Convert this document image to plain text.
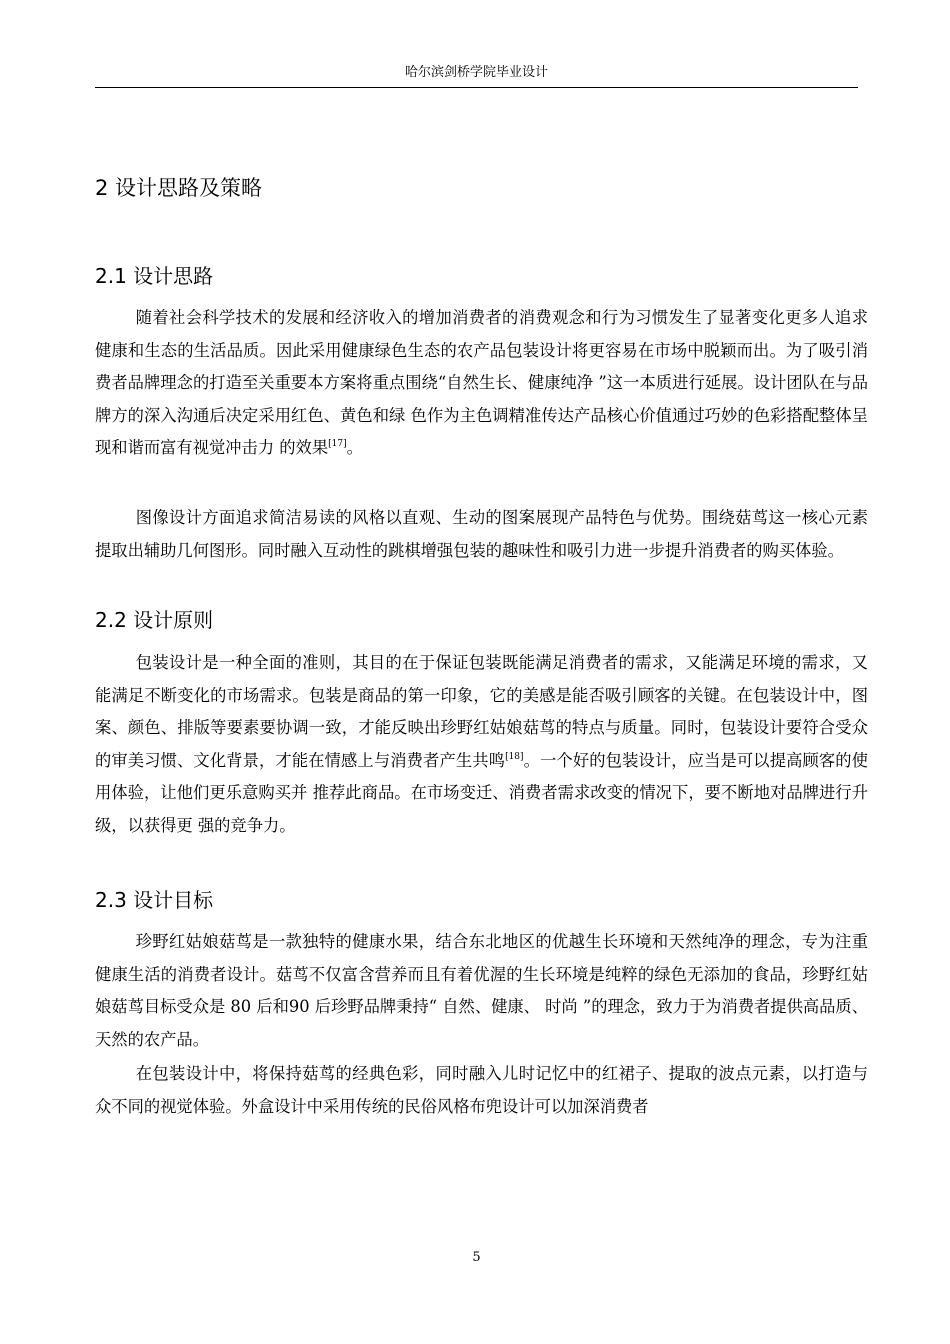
哈尔滨剑桥学院毕业设计
2 设计思路及策略
2.1 设计思路

随着社会科学技术的发展和经济收入的增加消费者的消费观念和行为习惯发生了显著变化更多人追求健康和生态的生活品质。因此采用健康绿色生态的农产品包装设计将更容易在市场中脱颖而出。为了吸引消费者品牌理念的打造至关重要本方案将重点围绕“自然生长、健康纯净 ”这一本质进行延展。设计团队在与品牌方的深入沟通后决定采用红色、黄色和绿 色作为主色调精准传达产品核心价值通过巧妙的色彩搭配整体呈现和谐而富有视觉冲击力 的效果[17]。

图像设计方面追求简洁易读的风格以直观、生动的图案展现产品特色与优势。围绕菇茑这一核心元素提取出辅助几何图形。同时融入互动性的跳棋增强包装的趣味性和吸引力进一步提升消费者的购买体验。

2.2 设计原则

包装设计是一种全面的准则，其目的在于保证包装既能满足消费者的需求，又能满足环境的需求，又能满足不断变化的市场需求。包装是商品的第一印象，它的美感是能否吸引顾客的关键。在包装设计中，图案、颜色、排版等要素要协调一致，才能反映出珍野红姑娘菇茑的特点与质量。同时，包装设计要符合受众的审美习惯、文化背景，才能在情感上与消费者产生共鸣[18]。一个好的包装设计，应当是可以提高顾客的使用体验，让他们更乐意购买并 推荐此商品。在市场变迁、消费者需求改变的情况下，要不断地对品牌进行升级，以获得更 强的竞争力。

2.3 设计目标

珍野红姑娘菇茑是一款独特的健康水果，结合东北地区的优越生长环境和天然纯净的理念，专为注重健康生活的消费者设计。菇茑不仅富含营养而且有着优渥的生长环境是纯粹的绿色无添加的食品，珍野红姑娘菇茑目标受众是 80 后和90 后珍野品牌秉持“ 自然、健康、 时尚 ”的理念，致力于为消费者提供高品质、天然的农产品。

在包装设计中，将保持菇茑的经典色彩，同时融入儿时记忆中的红裙子、提取的波点元素，以打造与众不同的视觉体验。外盒设计中采用传统的民俗风格布兜设计可以加深消费者

5
